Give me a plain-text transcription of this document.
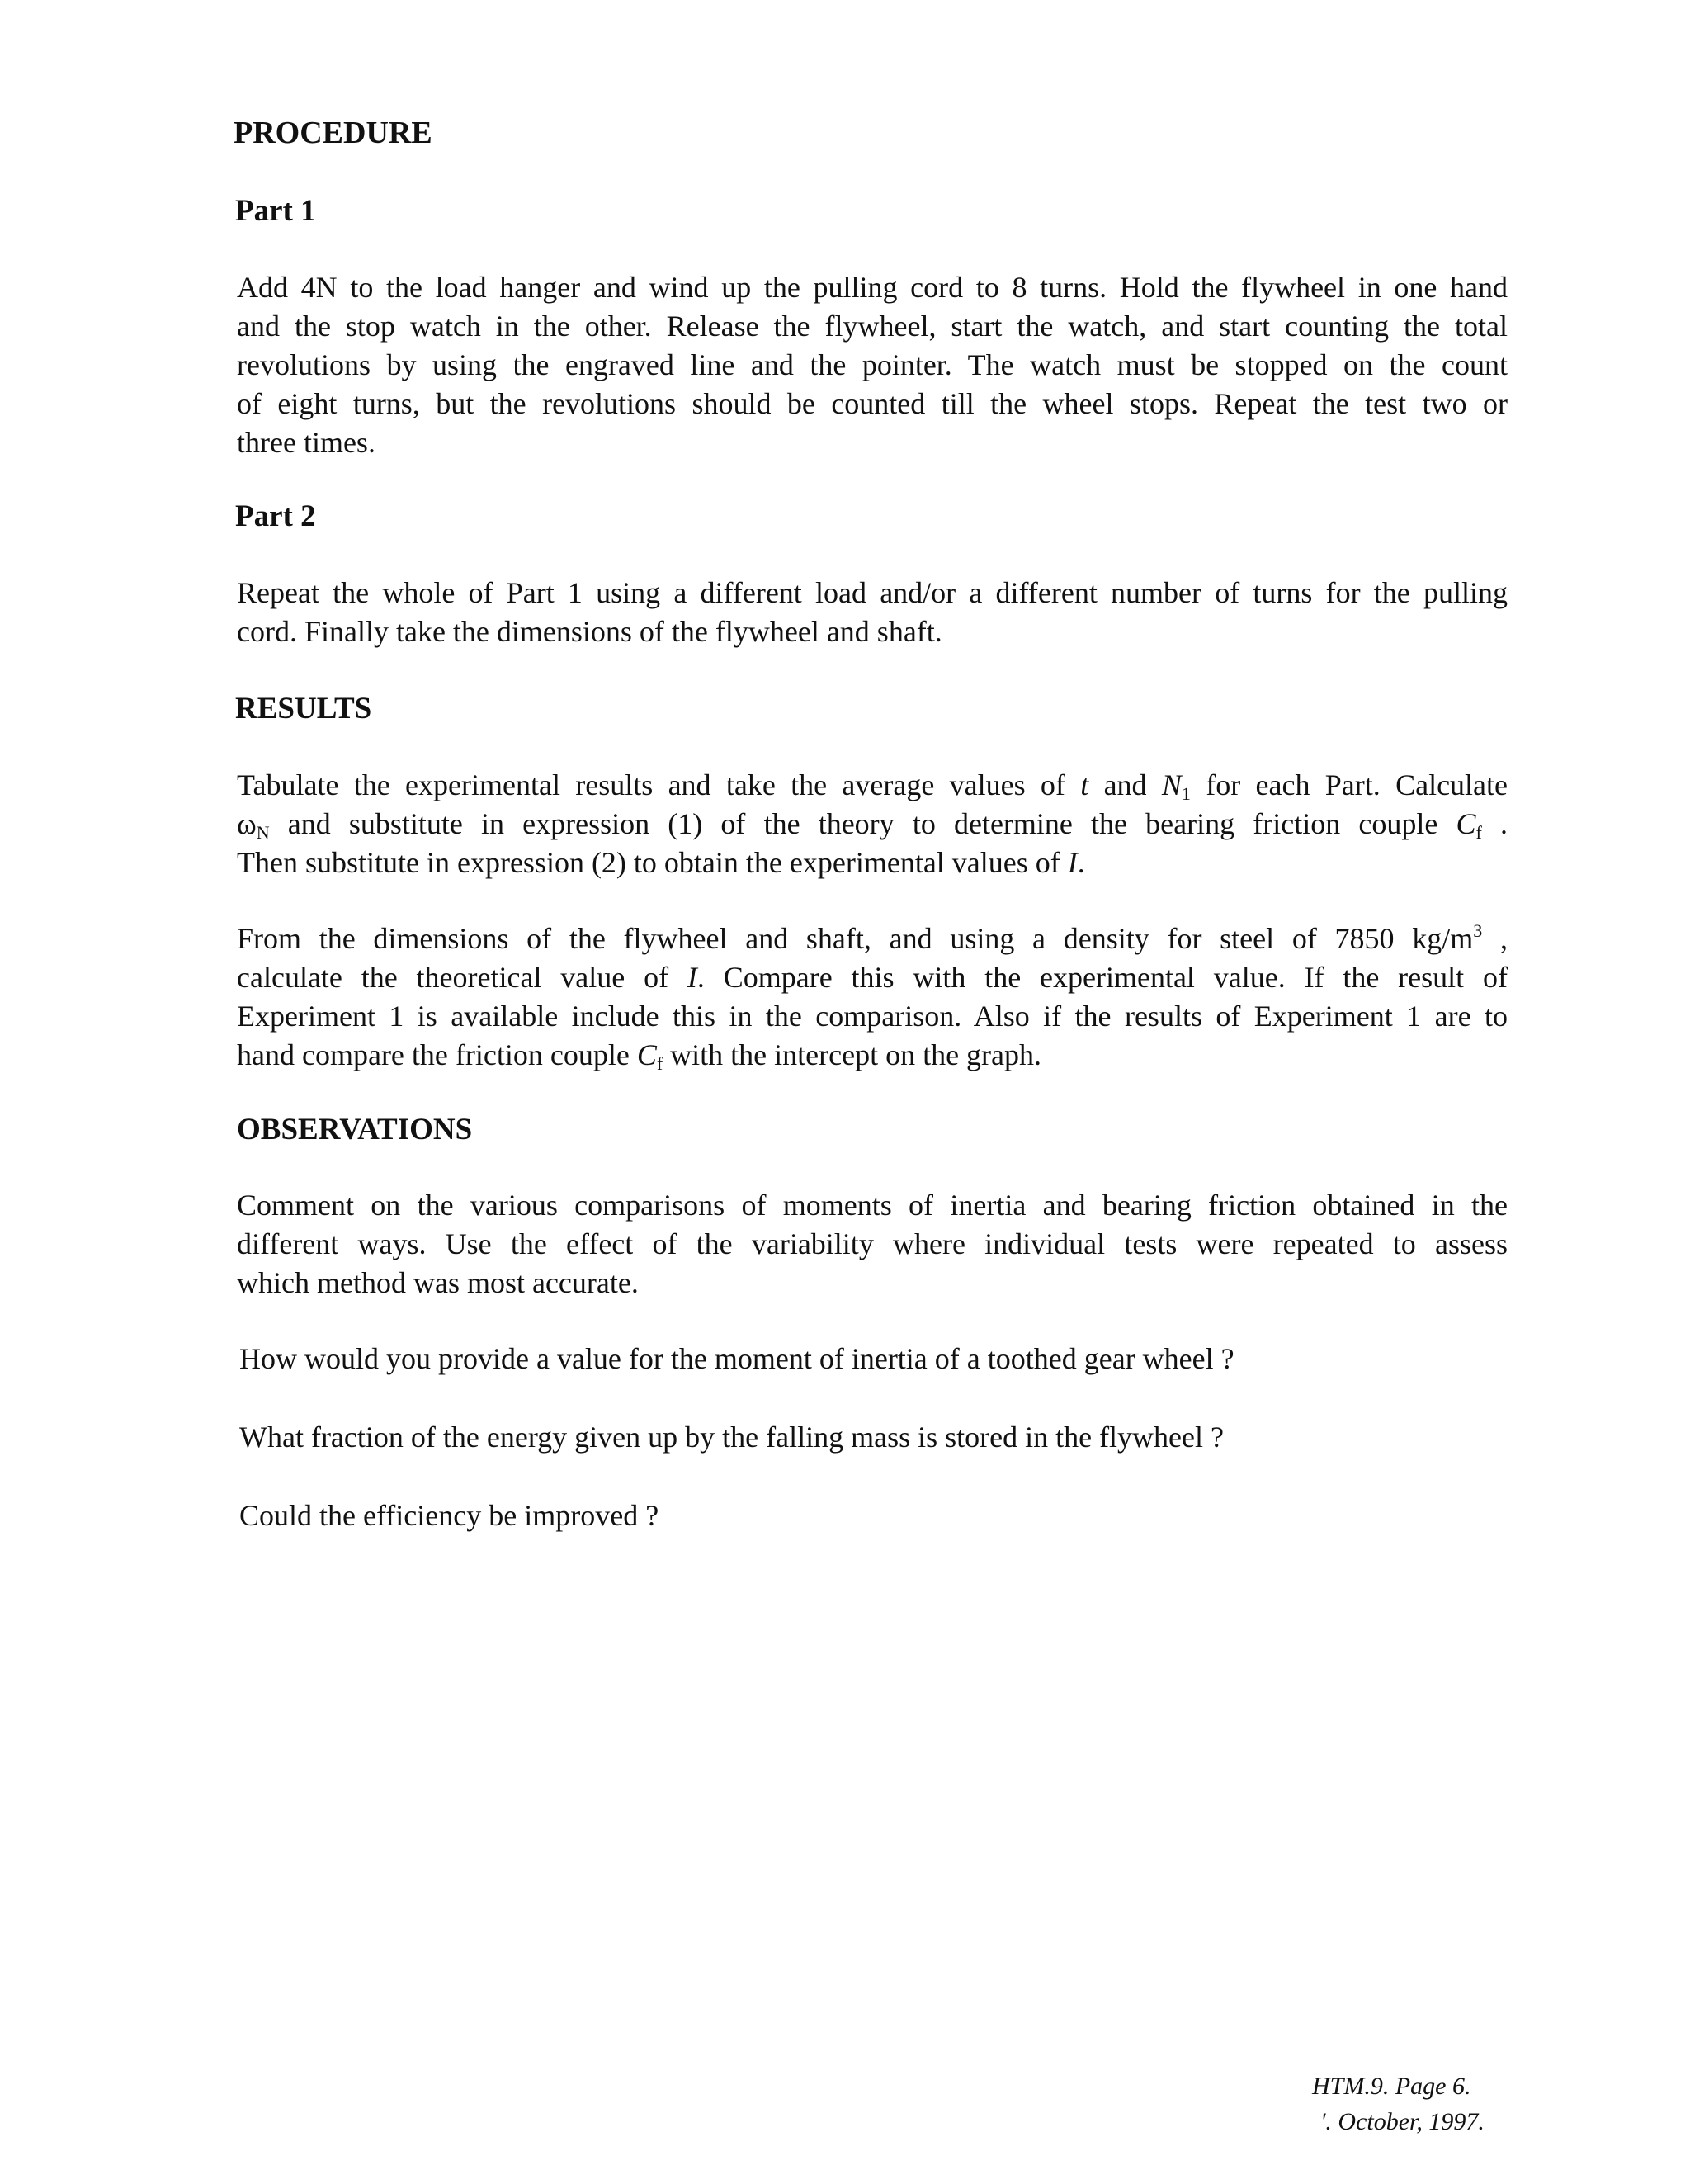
PROCEDURE
Part 1
Add 4N to the load hanger and wind up the pulling cord to 8 turns. Hold the flywheel in one hand
and the stop watch in the other. Release the flywheel, start the watch, and start counting the total
revolutions by using the engraved line and the pointer. The watch must be stopped on the count
of eight turns, but the revolutions should be counted till the wheel stops. Repeat the test two or
three times.
Part 2
Repeat the whole of Part 1 using a different load and/or a different number of turns for the pulling
cord. Finally take the dimensions of the flywheel and shaft.
RESULTS
Tabulate the experimental results and take the average values of t and $N_1$ for each Part. Calculate
$\omega_N$ and substitute in expression (1) of the theory to determine the bearing friction couple $C_f$ .
Then substitute in expression (2) to obtain the experimental values of I.
From the dimensions of the flywheel and shaft, and using a density for steel of 7850 $kg/m^3$ ,
calculate the theoretical value of I. Compare this with the experimental value. If the result of
Experiment 1 is available include this in the comparison. Also if the results of Experiment 1 are to
hand compare the friction couple $C_f$ with the intercept on the graph.
OBSERVATIONS
Comment on the various comparisons of moments of inertia and bearing friction obtained in the
different ways. Use the effect of the variability where individual tests were repeated to assess
which method was most accurate.

How would you provide a value for the moment of inertia of a toothed gear wheel ?

What fraction of the energy given up by the falling mass is stored in the flywheel ?

Could the efficiency be improved ?

HTM.9. Page 6.
'. October, 1997.
